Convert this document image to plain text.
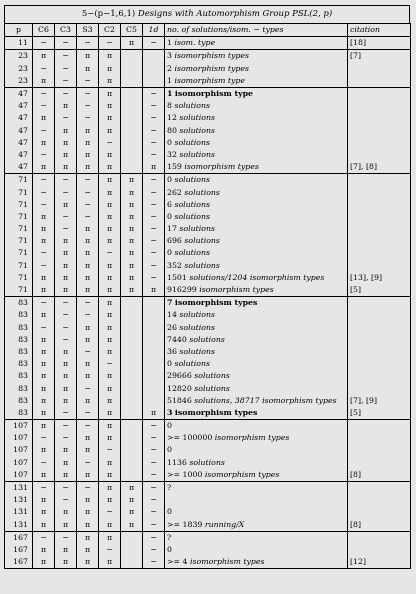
5−(p−1,6,1) Designs with Automorphism Group PSL(2, p)
p	C6	C3	S3	C2	C5	1d	no. of solutions/isom. − types	citation
11	−	−	−	−	π	−	1 isom. type	[18]
23	π	−	π	π			3 isomorphism types	[7]
23	−	−	π	π			2 isomorphism types	
23	π	−	−	π			1 isomorphism type	
47	−	−	−	π		−	1 isomorphism type	
47	−	π	−	π		−	8 solutions	
47	π	−	−	π		−	12 solutions	
47	−	π	π	π		−	80 solutions	
47	π	π	π	−		−	0 solutions	
47	−	π	π	π		−	32 solutions	
47	π	π	π	π		π	159 isomorphism types	[7], [8]
71	−	−	−	π	π	−	0 solutions	
71	−	−	−	π	π	−	262 solutions	
71	−	π	−	π	π	−	6 solutions	
71	π	−	−	π	π	−	0 solutions	
71	π	−	π	π	π	−	17 solutions	
71	π	π	π	π	π	−	696 solutions	
71	−	π	π	−	π	−	0 solutions	
71	−	π	π	π	π	−	352 solutions	
71	π	π	π	π	π	−	1501 solutions/1204 isomorphism types	[13], [9]
71	π	π	π	π	π	π	916299 isomorphism types	[5]
83	−	−	−	π			7 isomorphism types	
83	π	−	−	π			14 solutions	
83	−	−	π	π			26 solutions	
83	π	−	π	π			7440 solutions	
83	π	π	−	π			36 solutions	
83	π	π	π	−			0 solutions	
83	π	π	π	π			29666 solutions	
83	π	π	−	π			12820 solutions	
83	π	π	π	π			51846 solutions, 38717 isomorphism types	[7], [9]
83	π	−	−	π		π	3 isomorphism types	[5]
107	π	−	−	π		−	0	
107	−	−	π	π		−	>= 100000 isomorphism types	
107	π	π	π	−		−	0	
107	−	π	−	π		−	1136 solutions	
107	π	π	π	π		−	>= 1000 isomorphism types	[8]
131	−	−	−	π	π	−	?	
131	π	−	π	π	π	−		
131	π	π	π	−	π	−	0	
131	π	π	π	π	π	−	>= 1839 running/X	[8]
167	−	−	π	π		−	?	
167	π	π	π	−		−	0	
167	π	π	π	π		−	>= 4 isomorphism types	[12]
